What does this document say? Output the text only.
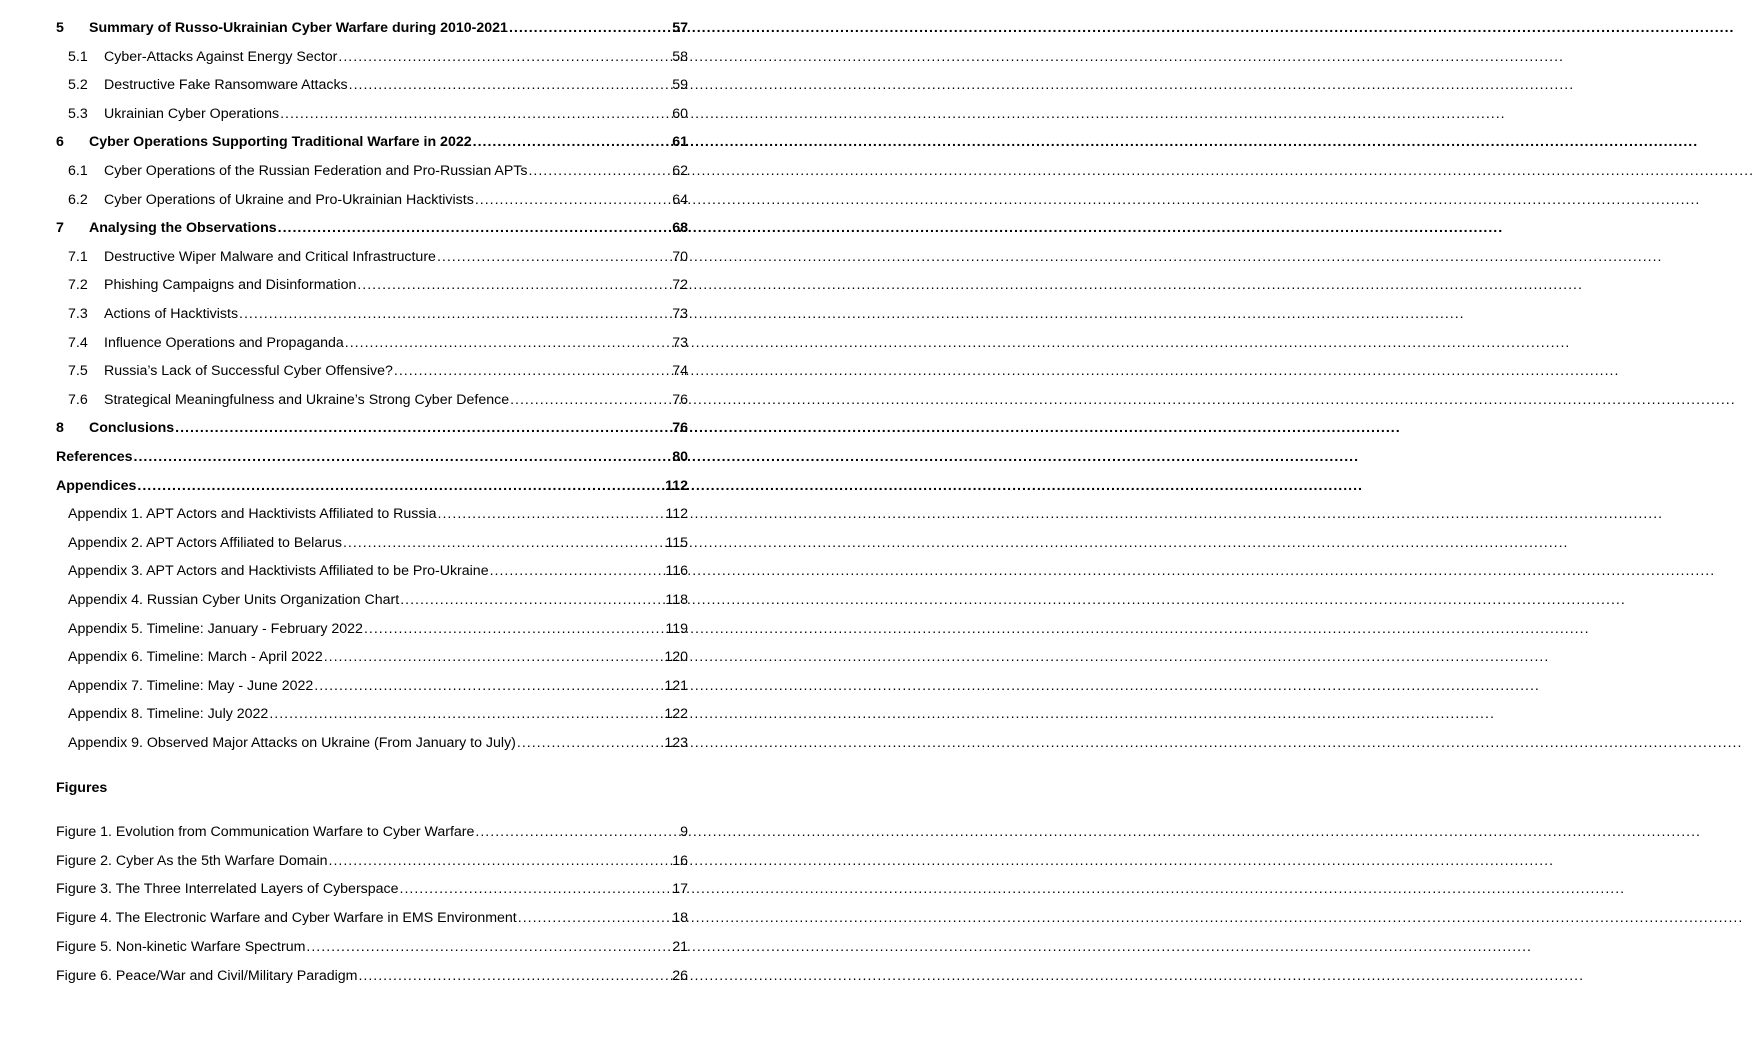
5	Summary of Russo-Ukrainian Cyber Warfare during 2010-2021 .....	57
5.1	Cyber-Attacks Against Energy Sector .....	58
5.2	Destructive Fake Ransomware Attacks .....	59
5.3	Ukrainian Cyber Operations .....	60
6	Cyber Operations Supporting Traditional Warfare in 2022 .....	61
6.1	Cyber Operations of the Russian Federation and Pro-Russian APTs .....	62
6.2	Cyber Operations of Ukraine and Pro-Ukrainian Hacktivists .....	64
7	Analysing the Observations .....	68
7.1	Destructive Wiper Malware and Critical Infrastructure .....	70
7.2	Phishing Campaigns and Disinformation .....	72
7.3	Actions of Hacktivists .....	73
7.4	Influence Operations and Propaganda .....	73
7.5	Russia’s Lack of Successful Cyber Offensive? .....	74
7.6	Strategical Meaningfulness and Ukraine’s Strong Cyber Defence .....	76
8	Conclusions .....	76
References .....	80
Appendices .....	112
Appendix 1. APT Actors and Hacktivists Affiliated to Russia .....	112
Appendix 2. APT Actors Affiliated to Belarus .....	115
Appendix 3. APT Actors and Hacktivists Affiliated to be Pro-Ukraine .....	116
Appendix 4. Russian Cyber Units Organization Chart .....	118
Appendix 5. Timeline: January - February 2022 .....	119
Appendix 6. Timeline: March - April 2022 .....	120
Appendix 7. Timeline: May - June 2022 .....	121
Appendix 8. Timeline: July 2022 .....	122
Appendix 9. Observed Major Attacks on Ukraine (From January to July) .....	123
Figures
Figure 1. Evolution from Communication Warfare to Cyber Warfare .....	9
Figure 2. Cyber As the 5th Warfare Domain .....	16
Figure 3. The Three Interrelated Layers of Cyberspace .....	17
Figure 4. The Electronic Warfare and Cyber Warfare in EMS Environment .....	18
Figure 5. Non-kinetic Warfare Spectrum .....	21
Figure 6. Peace/War and Civil/Military Paradigm .....	26
